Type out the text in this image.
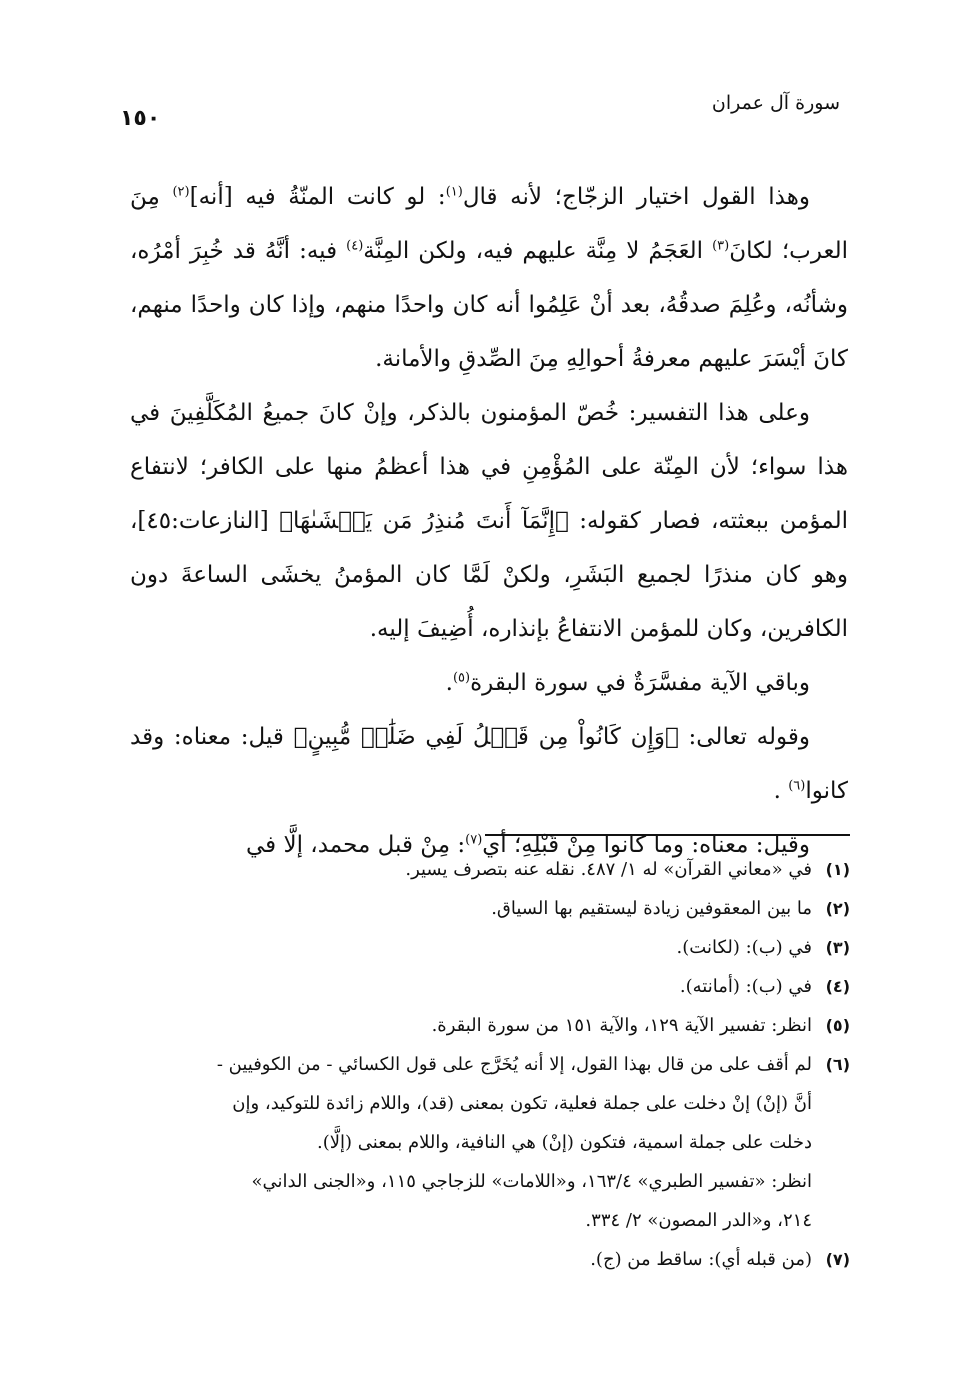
سورة آل عمران
١٥٠

وهذا القول اختيار الزجّاج؛ لأنه قال$^{(١)}$: لو كانت المنّةُ فيه [أنه]$^{(٢)}$ مِنَ العرب؛ لكانَ$^{(٣)}$ العَجَمُ لا مِنَّة عليهم فيه، ولكن المِنَّة$^{(٤)}$ فيه: أنَّهُ قد خُبِرَ أمْرُه، وشأنُه، وعُلِمَ صدقُهُ، بعد أنْ عَلِمُوا أنه كان واحدًا منهم، وإذا كان واحدًا منهم، كانَ أيْسَرَ عليهم معرفةُ أحوالِهِ مِنَ الصِّدقِ والأمانة.

وعلى هذا التفسير: خُصّ المؤمنون بالذكر، وإنْ كانَ جميعُ المُكَلَّفِينَ في هذا سواء؛ لأن المِنّة على المُؤْمِنِ في هذا أعظمُ منها على الكافر؛ لانتفاع المؤمن ببعثته، فصار كقوله: ﴿إِنَّمَآ أَنتَ مُنذِرُ مَن يَخۡشَىٰهَا﴾ [النازعات:٤٥]، وهو كان منذرًا لجميع البَشَرِ، ولكنْ لَمَّا كان المؤمنُ يخشَى الساعةَ دون الكافرين، وكان للمؤمن الانتفاعُ بإنذاره، أُضِيفَ إليه.

وباقي الآية مفسَّرَةٌ في سورة البقرة$^{(٥)}$.

وقوله تعالى: ﴿وَإِن كَانُواْ مِن قَبۡلُ لَفِي ضَلَٰلٖ مُّبِينٍ﴾ قيل: معناه: وقد كانوا$^{(٦)}$ .

وقيل: معناه: وما كانوا مِنْ قَبْلِهِ؛ أي$^{(٧)}$: مِنْ قبل محمد، إلَّا في

(١)
في «معاني القرآن» له ١/ ٤٨٧. نقله عنه بتصرف يسير.
(٢)
ما بين المعقوفين زيادة ليستقيم بها السياق.
(٣)
في (ب): (لكانت).
(٤)
في (ب): (أمانته).
(٥)
انظر: تفسير الآية ١٢٩، والآية ١٥١ من سورة البقرة.
(٦)
لم أقف على من قال بهذا القول، إلا أنه يُخَرَّج على قول الكسائي - من الكوفيين -
أنَّ (إنْ) إنْ دخلت على جملة فعلية، تكون بمعنى (قد)، واللام زائدة للتوكيد، وإن
دخلت على جملة اسمية، فتكون (إنْ) هي النافية، واللام بمعنى (إلَّا).
انظر: «تفسير الطبري» ١٦٣/٤، و«اللامات» للزجاجي ١١٥، و«الجنى الداني»
٢١٤، و«الدر المصون» ٢/ ٣٣٤.
(٧)
(من قبله أي): ساقط من (ج).
